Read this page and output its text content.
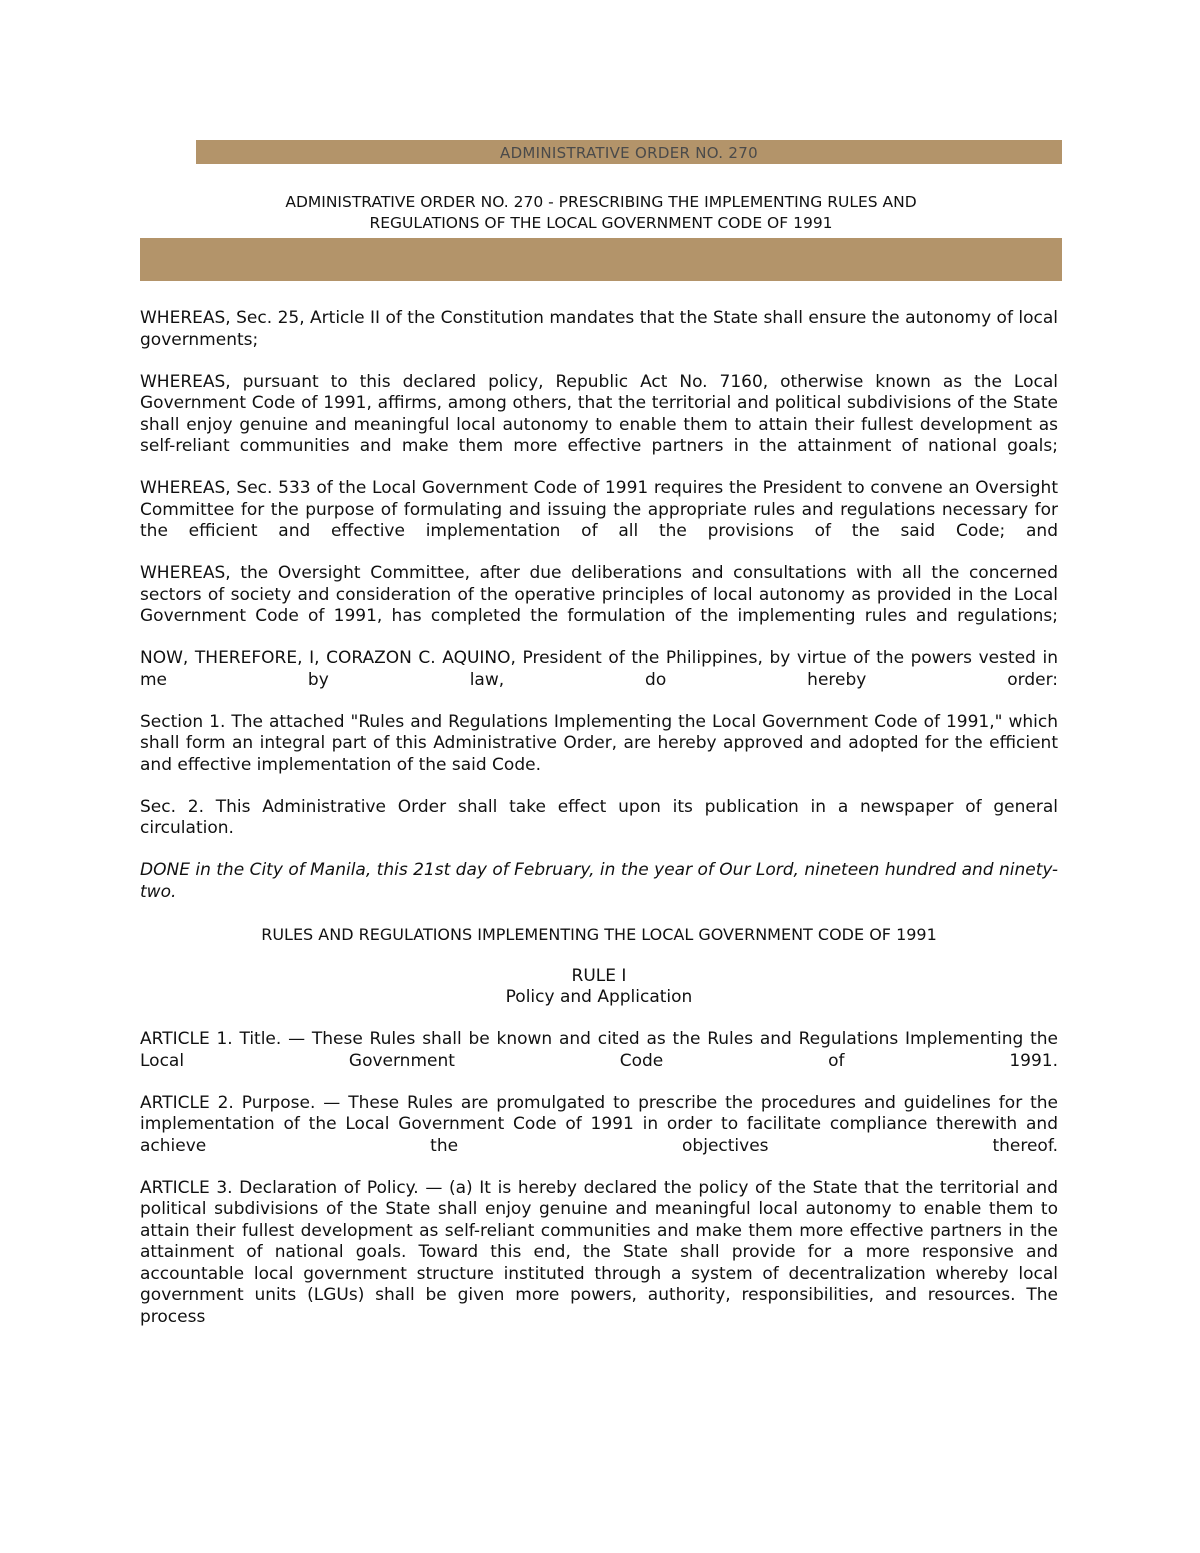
ADMINISTRATIVE ORDER NO. 270
ADMINISTRATIVE ORDER NO. 270 - PRESCRIBING THE IMPLEMENTING RULES AND
REGULATIONS OF THE LOCAL GOVERNMENT CODE OF 1991

WHEREAS, Sec. 25, Article II of the Constitution mandates that the State shall ensure the autonomy of local governments;

WHEREAS, pursuant to this declared policy, Republic Act No. 7160, otherwise known as the Local Government Code of 1991, affirms, among others, that the territorial and political subdivisions of the State shall enjoy genuine and meaningful local autonomy to enable them to attain their fullest development as self-reliant communities and make them more effective partners in the attainment of national goals;

WHEREAS, Sec. 533 of the Local Government Code of 1991 requires the President to convene an Oversight Committee for the purpose of formulating and issuing the appropriate rules and regulations necessary for the efficient and effective implementation of all the provisions of the said Code; and

WHEREAS, the Oversight Committee, after due deliberations and consultations with all the concerned sectors of society and consideration of the operative principles of local autonomy as provided in the Local Government Code of 1991, has completed the formulation of the implementing rules and regulations;

NOW, THEREFORE, I, CORAZON C. AQUINO, President of the Philippines, by virtue of the powers vested in me by law, do hereby order:

Section 1. The attached "Rules and Regulations Implementing the Local Government Code of 1991," which shall form an integral part of this Administrative Order, are hereby approved and adopted for the efficient and effective implementation of the said Code.

Sec. 2. This Administrative Order shall take effect upon its publication in a newspaper of general circulation.

DONE in the City of Manila, this 21st day of February, in the year of Our Lord, nineteen hundred and ninety-two.

RULES AND REGULATIONS IMPLEMENTING THE LOCAL GOVERNMENT CODE OF 1991
RULE I
Policy and Application

ARTICLE 1. Title. — These Rules shall be known and cited as the Rules and Regulations Implementing the Local Government Code of 1991.

ARTICLE 2. Purpose. — These Rules are promulgated to prescribe the procedures and guidelines for the implementation of the Local Government Code of 1991 in order to facilitate compliance therewith and achieve the objectives thereof.

ARTICLE 3. Declaration of Policy. — (a) It is hereby declared the policy of the State that the territorial and political subdivisions of the State shall enjoy genuine and meaningful local autonomy to enable them to attain their fullest development as self-reliant communities and make them more effective partners in the attainment of national goals. Toward this end, the State shall provide for a more responsive and accountable local government structure instituted through a system of decentralization whereby local government units (LGUs) shall be given more powers, authority, responsibilities, and resources. The process
